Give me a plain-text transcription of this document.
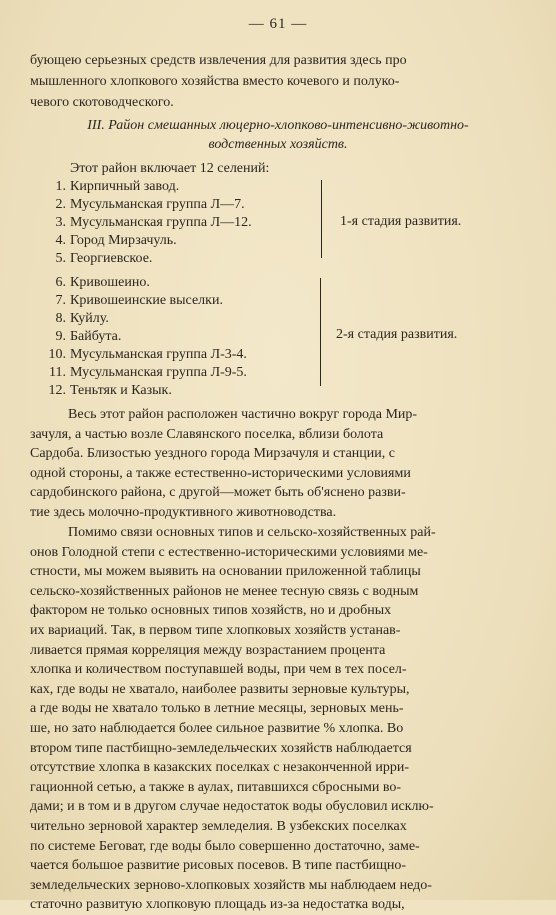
— 61 —
бующею серьезных средств извлечения для развития здесь про
мышленного хлопкового хозяйства вместо кочевого и полуко-
чевого скотоводческого.
III. Район смешанных люцерно-хлопково-интенсивно-животно-
водственных хозяйств.
Этот район включает 12 селений:
1. Кирпичный завод.
2. Мусульманская группа Л—7.
3. Мусульманская группа Л—12.
4. Город Мирзачуль.
5. Георгиевское.
1-я стадия развития.
6. Кривошеино.
7. Кривошеинские выселки.
8. Куйлу.
9. Байбута.
10. Мусульманская группа Л-3-4.
11. Мусульманская группа Л-9-5.
12. Теньтяк и Казык.
2-я стадия развития.
Весь этот район расположен частично вокруг города Мир-
зачуля, а частью возле Славянского поселка, вблизи болота
Сардоба. Близостью уездного города Мирзачуля и станции, с
одной стороны, а также естественно-историческими условиями
сардобинского района, с другой—может быть об'яснено разви-
тие здесь молочно-продуктивного животноводства.
Помимо связи основных типов и сельско-хозяйственных рай-
онов Голодной степи с естественно-историческими условиями ме-
стности, мы можем выявить на основании приложенной таблицы
сельско-хозяйственных районов не менее тесную связь с водным
фактором не только основных типов хозяйств, но и дробных
их вариаций. Так, в первом типе хлопковых хозяйств устанав-
ливается прямая корреляция между возрастанием процента
хлопка и количеством поступавшей воды, при чем в тех посел-
ках, где воды не хватало, наиболее развиты зерновые культуры,
а где воды не хватало только в летние месяцы, зерновых мень-
ше, но зато наблюдается более сильное развитие % хлопка. Во
втором типе пастбищно-земледельческих хозяйств наблюдается
отсутствие хлопка в казакских поселках с незаконченной ирри-
гационной сетью, а также в аулах, питавшихся сбросными во-
дами; и в том и в другом случае недостаток воды обусловил исклю-
чительно зерновой характер земледелия. В узбекских поселках
по системе Беговат, где воды было совершенно достаточно, заме-
чается большое развитие рисовых посевов. В типе пастбищно-
земледельческих зерново-хлопковых хозяйств мы наблюдаем недо-
статочно развитую хлопковую площадь из-за недостатка воды,
